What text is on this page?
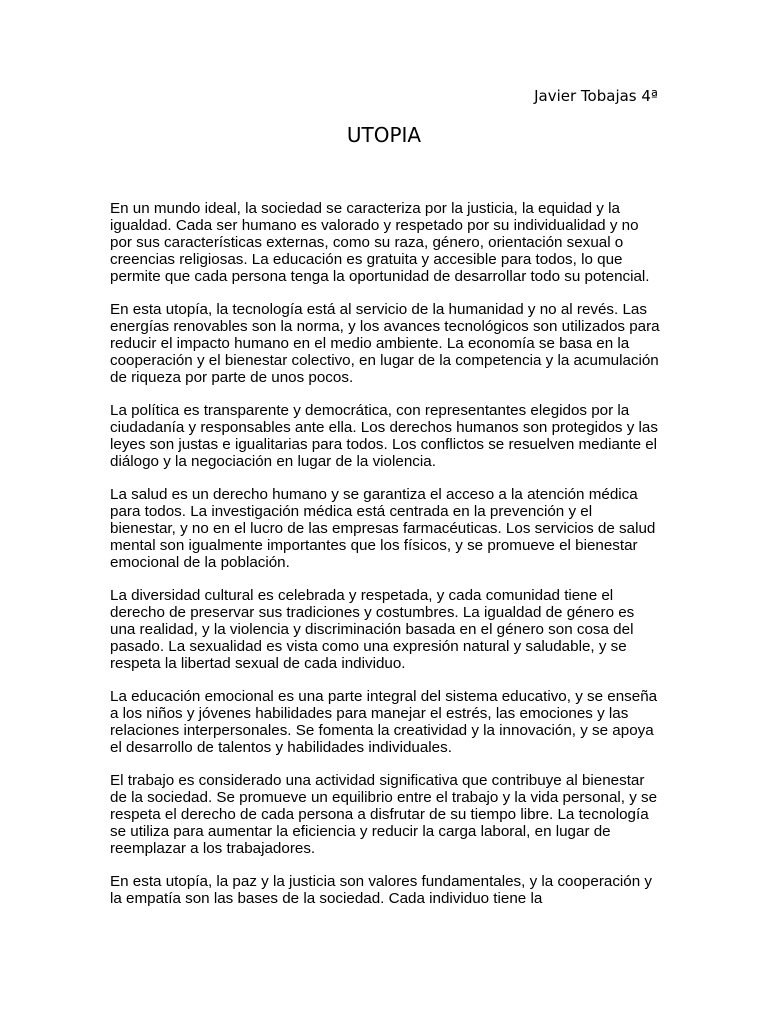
Javier Tobajas 4ª
UTOPIA

En un mundo ideal, la sociedad se caracteriza por la justicia, la equidad y la igualdad. Cada ser humano es valorado y respetado por su individualidad y no por sus características externas, como su raza, género, orientación sexual o creencias religiosas. La educación es gratuita y accesible para todos, lo que permite que cada persona tenga la oportunidad de desarrollar todo su potencial.

En esta utopía, la tecnología está al servicio de la humanidad y no al revés. Las energías renovables son la norma, y los avances tecnológicos son utilizados para reducir el impacto humano en el medio ambiente. La economía se basa en la cooperación y el bienestar colectivo, en lugar de la competencia y la acumulación de riqueza por parte de unos pocos.

La política es transparente y democrática, con representantes elegidos por la ciudadanía y responsables ante ella. Los derechos humanos son protegidos y las leyes son justas e igualitarias para todos. Los conflictos se resuelven mediante el diálogo y la negociación en lugar de la violencia.

La salud es un derecho humano y se garantiza el acceso a la atención médica para todos. La investigación médica está centrada en la prevención y el bienestar, y no en el lucro de las empresas farmacéuticas. Los servicios de salud mental son igualmente importantes que los físicos, y se promueve el bienestar emocional de la población.

La diversidad cultural es celebrada y respetada, y cada comunidad tiene el derecho de preservar sus tradiciones y costumbres. La igualdad de género es una realidad, y la violencia y discriminación basada en el género son cosa del pasado. La sexualidad es vista como una expresión natural y saludable, y se respeta la libertad sexual de cada individuo.

La educación emocional es una parte integral del sistema educativo, y se enseña a los niños y jóvenes habilidades para manejar el estrés, las emociones y las relaciones interpersonales. Se fomenta la creatividad y la innovación, y se apoya el desarrollo de talentos y habilidades individuales.

El trabajo es considerado una actividad significativa que contribuye al bienestar de la sociedad. Se promueve un equilibrio entre el trabajo y la vida personal, y se respeta el derecho de cada persona a disfrutar de su tiempo libre. La tecnología se utiliza para aumentar la eficiencia y reducir la carga laboral, en lugar de reemplazar a los trabajadores.

En esta utopía, la paz y la justicia son valores fundamentales, y la cooperación y la empatía son las bases de la sociedad. Cada individuo tiene la
